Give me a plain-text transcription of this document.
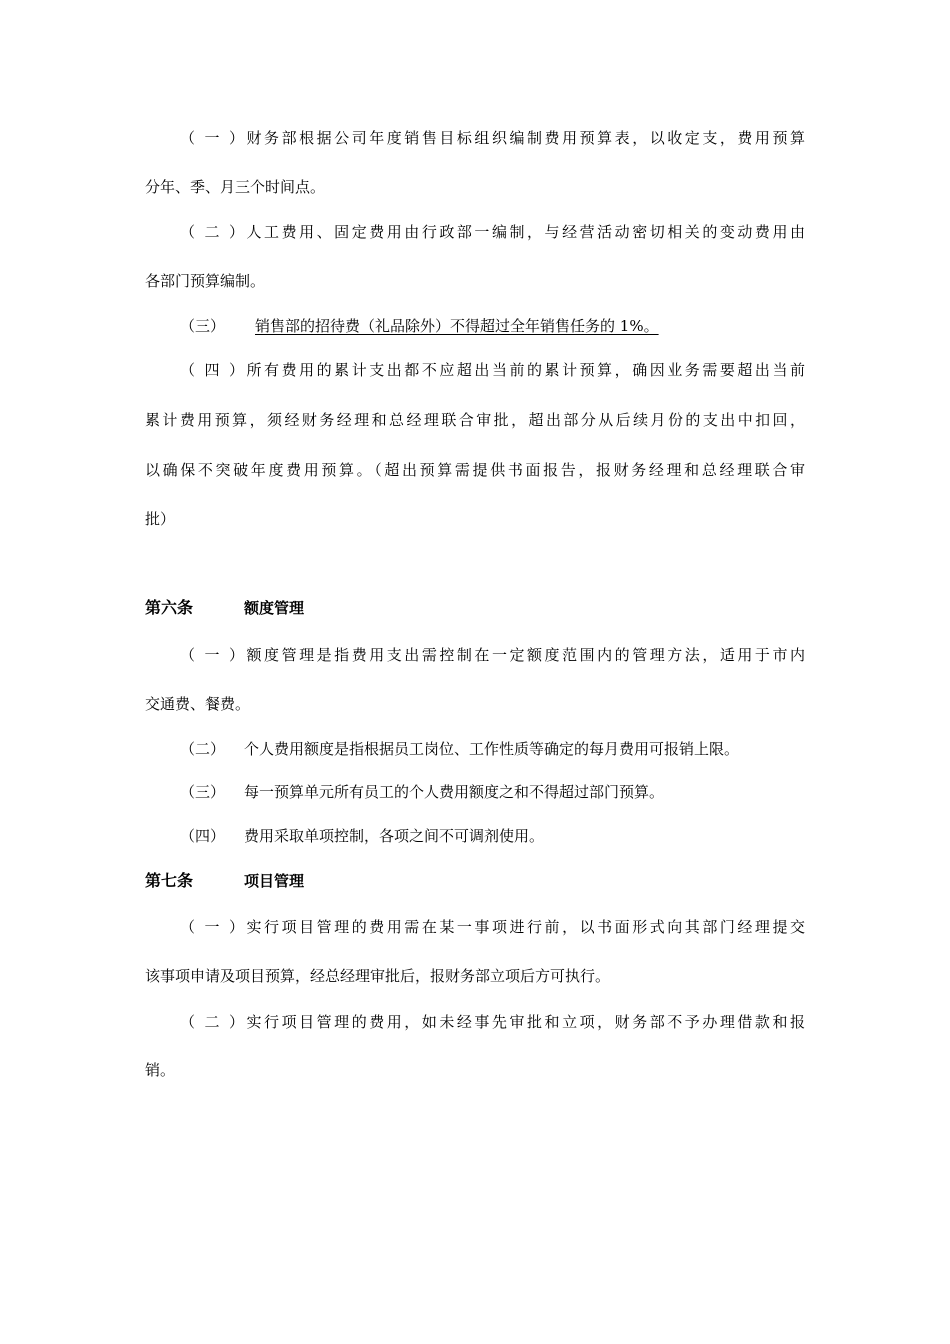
（一）财务部根据公司年度销售目标组织编制费用预算表，以收定支，费用预算
分年、季、月三个时间点。
（二）人工费用、固定费用由行政部一编制，与经营活动密切相关的变动费用由
各部门预算编制。
（三） 销售部的招待费（礼品除外）不得超过全年销售任务的 1%。
（四）所有费用的累计支出都不应超出当前的累计预算，确因业务需要超出当前
累计费用预算，须经财务经理和总经理联合审批，超出部分从后续月份的支出中扣回，
以确保不突破年度费用预算。（超出预算需提供书面报告，报财务经理和总经理联合审
批）
第六条	额度管理
（一）额度管理是指费用支出需控制在一定额度范围内的管理方法，适用于市内
交通费、餐费。
（二） 个人费用额度是指根据员工岗位、工作性质等确定的每月费用可报销上限。
（三） 每一预算单元所有员工的个人费用额度之和不得超过部门预算。
（四） 费用采取单项控制，各项之间不可调剂使用。
第七条	项目管理
（一）实行项目管理的费用需在某一事项进行前，以书面形式向其部门经理提交
该事项申请及项目预算，经总经理审批后，报财务部立项后方可执行。
（二）实行项目管理的费用，如未经事先审批和立项，财务部不予办理借款和报
销。
